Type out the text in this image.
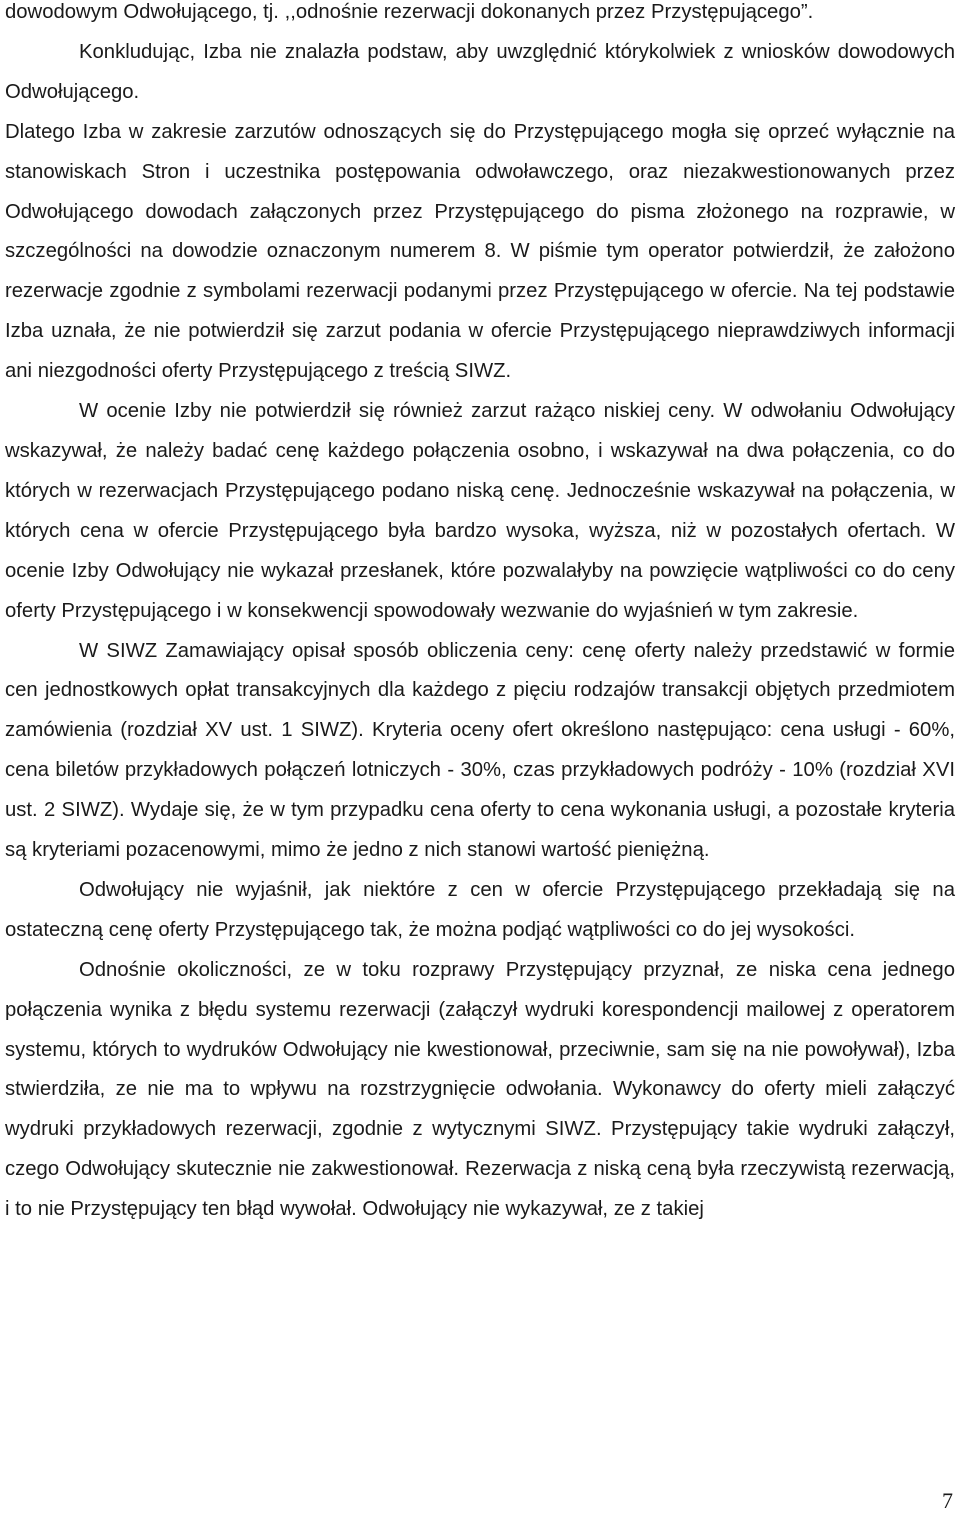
dowodowym Odwołującego, tj. ,,odnośnie rezerwacji dokonanych przez Przystępującego”.

Konkludując, Izba nie znalazła podstaw, aby uwzględnić którykolwiek z wniosków dowodowych Odwołującego.

Dlatego Izba w zakresie zarzutów odnoszących się do Przystępującego mogła się oprzeć wyłącznie na stanowiskach Stron i uczestnika postępowania odwoławczego, oraz niezakwestionowanych przez Odwołującego dowodach załączonych przez Przystępującego do pisma złożonego na rozprawie, w szczególności na dowodzie oznaczonym numerem 8. W piśmie tym operator potwierdził, że założono rezerwacje zgodnie z symbolami rezerwacji podanymi przez Przystępującego w ofercie. Na tej podstawie Izba uznała, że nie potwierdził się zarzut podania w ofercie Przystępującego nieprawdziwych informacji ani niezgodności oferty Przystępującego z treścią SIWZ.

W ocenie Izby nie potwierdził się również zarzut rażąco niskiej ceny. W odwołaniu Odwołujący wskazywał, że należy badać cenę każdego połączenia osobno, i wskazywał na dwa połączenia, co do których w rezerwacjach Przystępującego podano niską cenę. Jednocześnie wskazywał na połączenia, w których cena w ofercie Przystępującego była bardzo wysoka, wyższa, niż w pozostałych ofertach. W ocenie Izby Odwołujący nie wykazał przesłanek, które pozwalałyby na powzięcie wątpliwości co do ceny oferty Przystępującego i w konsekwencji spowodowały wezwanie do wyjaśnień w tym zakresie.

W SIWZ Zamawiający opisał sposób obliczenia ceny: cenę oferty należy przedstawić w formie cen jednostkowych opłat transakcyjnych dla każdego z pięciu rodzajów transakcji objętych przedmiotem zamówienia (rozdział XV ust. 1 SIWZ). Kryteria oceny ofert określono następująco: cena usługi - 60%, cena biletów przykładowych połączeń lotniczych - 30%, czas przykładowych podróży - 10% (rozdział XVI ust. 2 SIWZ). Wydaje się, że w tym przypadku cena oferty to cena wykonania usługi, a pozostałe kryteria są kryteriami pozacenowymi, mimo że jedno z nich stanowi wartość pieniężną.

Odwołujący nie wyjaśnił, jak niektóre z cen w ofercie Przystępującego przekładają się na ostateczną cenę oferty Przystępującego tak, że można podjąć wątpliwości co do jej wysokości.

Odnośnie okoliczności, ze w toku rozprawy Przystępujący przyznał, ze niska cena jednego połączenia wynika z błędu systemu rezerwacji (załączył wydruki korespondencji mailowej z operatorem systemu, których to wydruków Odwołujący nie kwestionował, przeciwnie, sam się na nie powoływał), Izba stwierdziła, ze nie ma to wpływu na rozstrzygnięcie odwołania. Wykonawcy do oferty mieli załączyć wydruki przykładowych rezerwacji, zgodnie z wytycznymi SIWZ. Przystępujący takie wydruki załączył, czego Odwołujący skutecznie nie zakwestionował. Rezerwacja z niską ceną była rzeczywistą rezerwacją, i to nie Przystępujący ten błąd wywołał. Odwołujący nie wykazywał, ze z takiej

7
